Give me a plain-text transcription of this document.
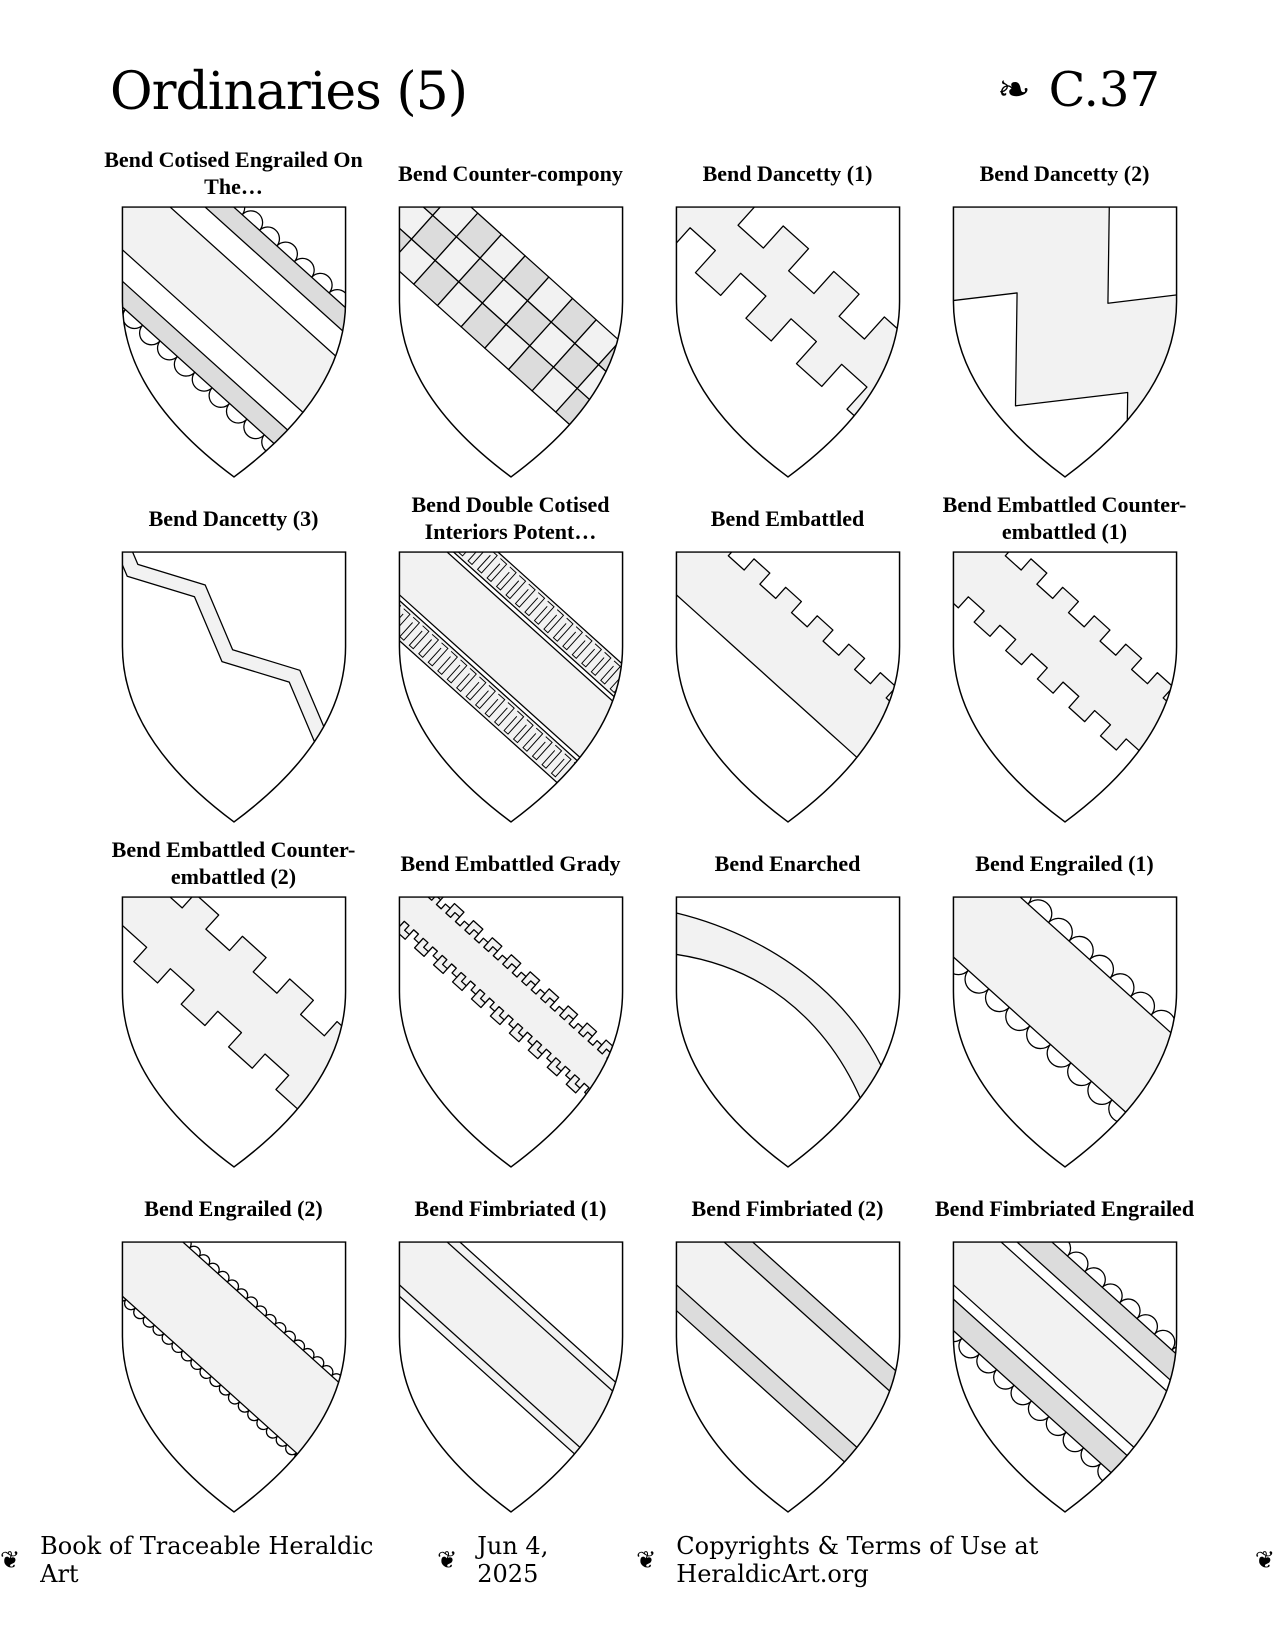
Ordinaries (5)	❧ C.37
Bend Cotised Engrailed On The…
Bend Counter-compony	Bend Dancetty (1)	Bend Dancetty (2)
Bend Dancetty (3)
Bend Double Cotised Interiors Potent…
Bend Embattled
Bend Embattled Counter-embattled (1)
Bend Embattled Counter-embattled (2)
Bend Embattled Grady	Bend Enarched	Bend Engrailed (1)
Bend Engrailed (2)	Bend Fimbriated (1)	Bend Fimbriated (2)	Bend Fimbriated Engrailed
❦ Book of Traceable Heraldic Art	❦ Jun 4, 2025	❦ Copyrights & Terms of Use at HeraldicArt.org	❦
